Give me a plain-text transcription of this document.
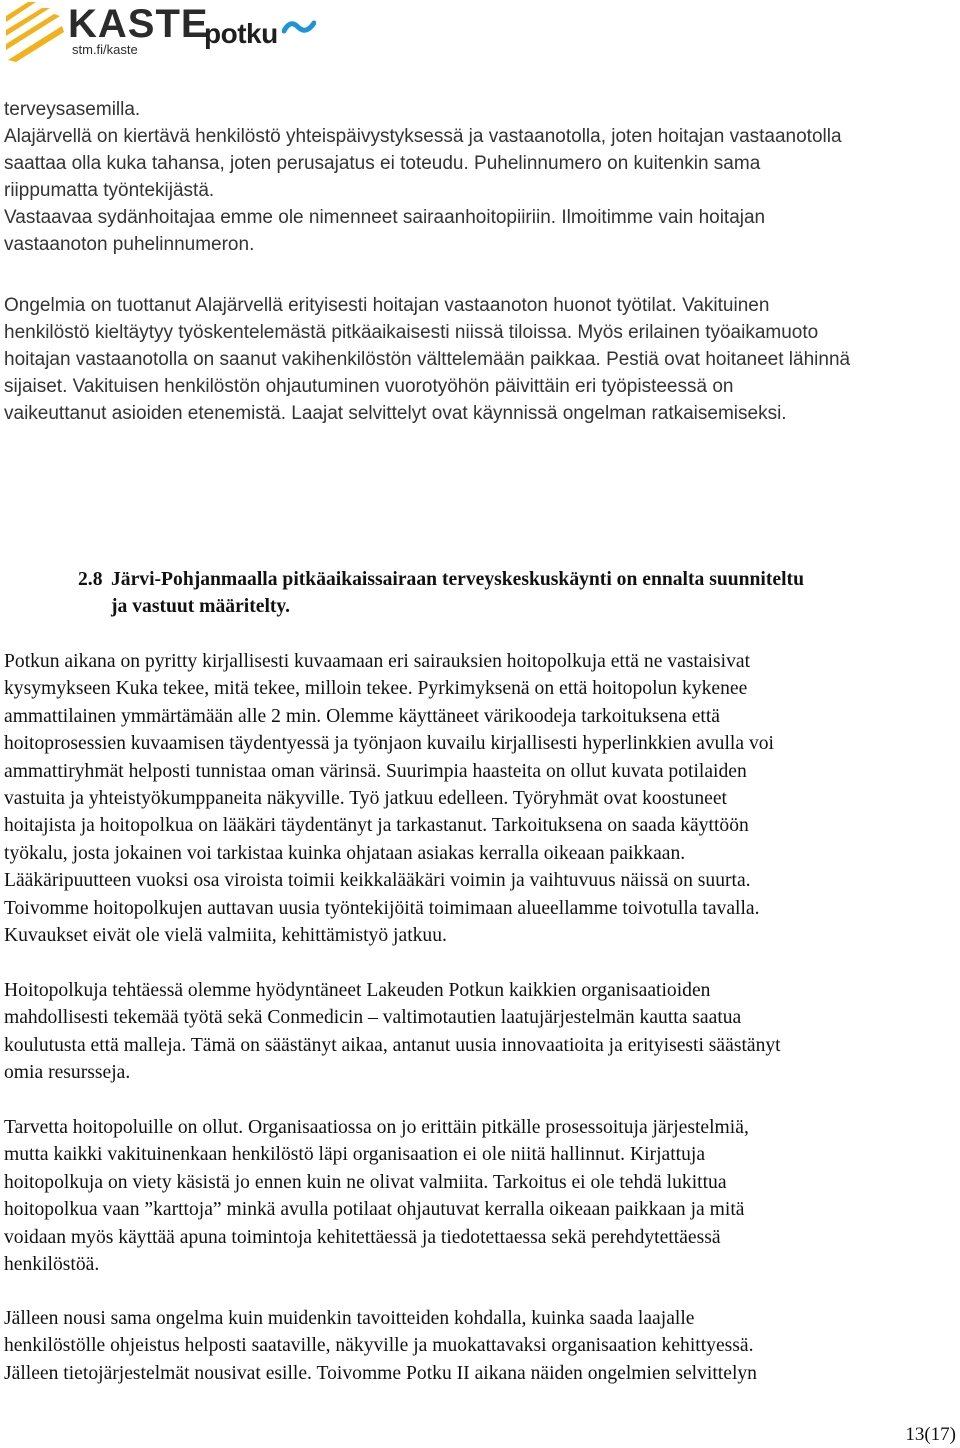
KASTE
stm.fi/kaste
potku
terveysasemilla.
Alajärvellä on kiertävä henkilöstö yhteispäivystyksessä ja vastaanotolla, joten hoitajan vastaanotolla
saattaa olla kuka tahansa, joten perusajatus ei toteudu. Puhelinnumero on kuitenkin sama
riippumatta työntekijästä.
Vastaavaa sydänhoitajaa emme ole nimenneet sairaanhoitopiiriin. Ilmoitimme vain hoitajan
vastaanoton puhelinnumeron.
Ongelmia on tuottanut Alajärvellä erityisesti hoitajan vastaanoton huonot työtilat. Vakituinen
henkilöstö kieltäytyy työskentelemästä pitkäaikaisesti niissä tiloissa. Myös erilainen työaikamuoto
hoitajan vastaanotolla on saanut vakihenkilöstön välttelemään paikkaa. Pestiä ovat hoitaneet lähinnä
sijaiset. Vakituisen henkilöstön ohjautuminen vuorotyöhön päivittäin eri työpisteessä on
vaikeuttanut asioiden etenemistä. Laajat selvittelyt ovat käynnissä ongelman ratkaisemiseksi.
2.8 Järvi-Pohjanmaalla pitkäaikaissairaan terveyskeskuskäynti on ennalta suunniteltu
ja vastuut määritelty.
Potkun aikana on pyritty kirjallisesti kuvaamaan eri sairauksien hoitopolkuja että ne vastaisivat
kysymykseen Kuka tekee, mitä tekee, milloin tekee. Pyrkimyksenä on että hoitopolun kykenee
ammattilainen ymmärtämään alle 2 min. Olemme käyttäneet värikoodeja tarkoituksena että
hoitoprosessien kuvaamisen täydentyessä ja työnjaon kuvailu kirjallisesti hyperlinkkien avulla voi
ammattiryhmät helposti tunnistaa oman värinsä. Suurimpia haasteita on ollut kuvata potilaiden
vastuita ja yhteistyökumppaneita näkyville. Työ jatkuu edelleen. Työryhmät ovat koostuneet
hoitajista ja hoitopolkua on lääkäri täydentänyt ja tarkastanut. Tarkoituksena on saada käyttöön
työkalu, josta jokainen voi tarkistaa kuinka ohjataan asiakas kerralla oikeaan paikkaan.
Lääkäripuutteen vuoksi osa viroista toimii keikkalääkäri voimin ja vaihtuvuus näissä on suurta.
Toivomme hoitopolkujen auttavan uusia työntekijöitä toimimaan alueellamme toivotulla tavalla.
Kuvaukset eivät ole vielä valmiita, kehittämistyö jatkuu.
Hoitopolkuja tehtäessä olemme hyödyntäneet Lakeuden Potkun kaikkien organisaatioiden
mahdollisesti tekemää työtä sekä Conmedicin – valtimotautien laatujärjestelmän kautta saatua
koulutusta että malleja. Tämä on säästänyt aikaa, antanut uusia innovaatioita ja erityisesti säästänyt
omia resursseja.
Tarvetta hoitopoluille on ollut. Organisaatiossa on jo erittäin pitkälle prosessoituja järjestelmiä,
mutta kaikki vakituinenkaan henkilöstö läpi organisaation ei ole niitä hallinnut. Kirjattuja
hoitopolkuja on viety käsistä jo ennen kuin ne olivat valmiita. Tarkoitus ei ole tehdä lukittua
hoitopolkua vaan ”karttoja” minkä avulla potilaat ohjautuvat kerralla oikeaan paikkaan ja mitä
voidaan myös käyttää apuna toimintoja kehitettäessä ja tiedotettaessa sekä perehdytettäessä
henkilöstöä.
Jälleen nousi sama ongelma kuin muidenkin tavoitteiden kohdalla, kuinka saada laajalle
henkilöstölle ohjeistus helposti saataville, näkyville ja muokattavaksi organisaation kehittyessä.
Jälleen tietojärjestelmät nousivat esille. Toivomme Potku II aikana näiden ongelmien selvittelyn
13(17)
